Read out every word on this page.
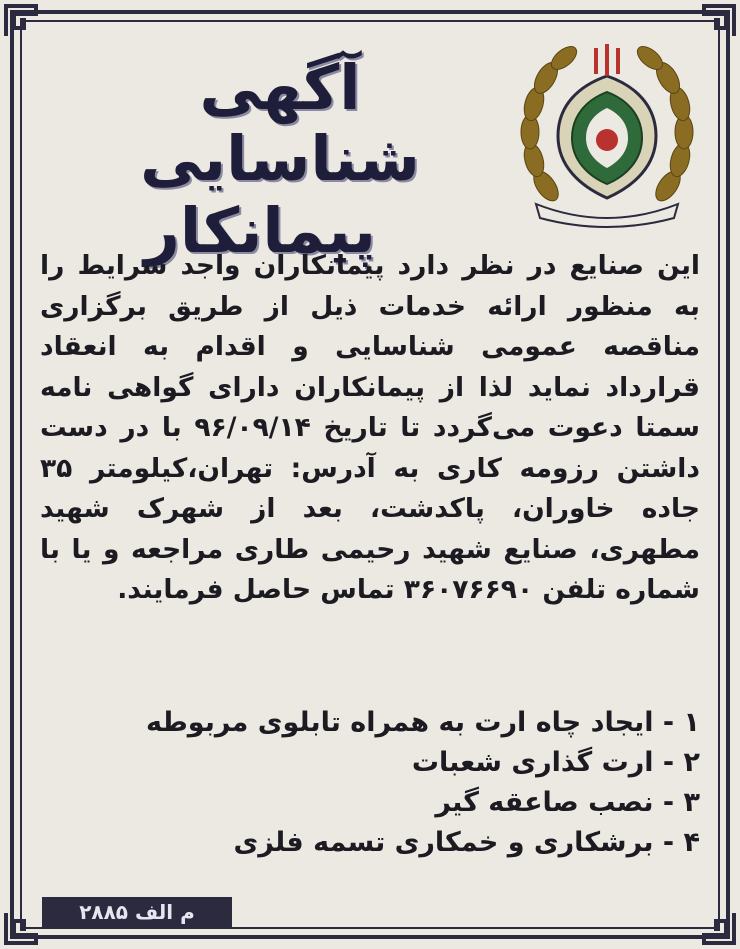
آگهی شناسایی
پیمانکار
این صنایع در نظر دارد پیمانکاران واجد شرایط را به منظور ارائه خدمات ذیل از طریق برگزاری مناقصه عمومی شناسایی و اقدام به انعقاد قرارداد نماید لذا از پیمانکاران دارای گواهی نامه سمتا دعوت می‌گردد تا تاریخ ۹۶/۰۹/۱۴ با در دست داشتن رزومه کاری به آدرس: تهران،کیلومتر ۳۵ جاده خاوران، پاکدشت، بعد از شهرک شهید مطهری، صنایع شهید رحیمی طاری مراجعه و یا با شماره تلفن ۳۶۰۷۶۶۹۰ تماس حاصل فرمایند.
۱ - ایجاد چاه ارت به همراه تابلوی مربوطه
۲ - ارت گذاری شعبات
۳ - نصب صاعقه گیر
۴ - برشکاری و خمکاری تسمه فلزی
م الف ۲۸۸۵
